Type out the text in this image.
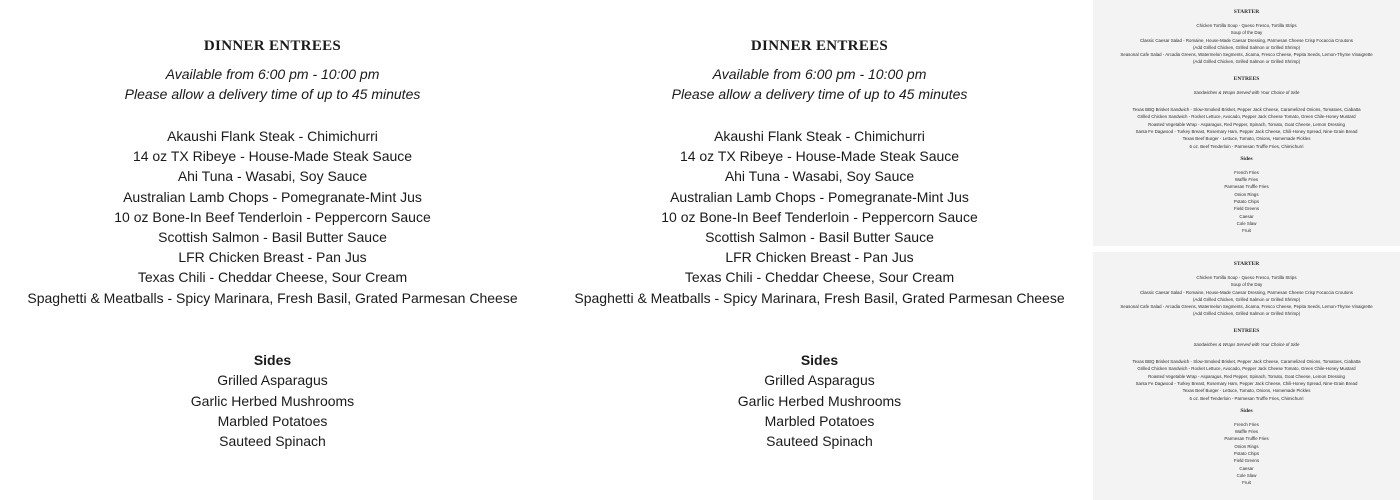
DINNER ENTREES
Available from 6:00 pm - 10:00 pm
Please allow a delivery time of up to 45 minutes
Akaushi Flank Steak - Chimichurri
14 oz TX Ribeye - House-Made Steak Sauce
Ahi Tuna - Wasabi, Soy Sauce
Australian Lamb Chops - Pomegranate-Mint Jus
10 oz Bone-In Beef Tenderloin - Peppercorn Sauce
Scottish Salmon - Basil Butter Sauce
LFR Chicken Breast - Pan Jus
Texas Chili - Cheddar Cheese, Sour Cream
Spaghetti & Meatballs - Spicy Marinara, Fresh Basil, Grated Parmesan Cheese
Sides
Grilled Asparagus
Garlic Herbed Mushrooms
Marbled Potatoes
Sauteed Spinach
DINNER ENTREES
Available from 6:00 pm - 10:00 pm
Please allow a delivery time of up to 45 minutes
Akaushi Flank Steak - Chimichurri
14 oz TX Ribeye - House-Made Steak Sauce
Ahi Tuna - Wasabi, Soy Sauce
Australian Lamb Chops - Pomegranate-Mint Jus
10 oz Bone-In Beef Tenderloin - Peppercorn Sauce
Scottish Salmon - Basil Butter Sauce
LFR Chicken Breast - Pan Jus
Texas Chili - Cheddar Cheese, Sour Cream
Spaghetti & Meatballs - Spicy Marinara, Fresh Basil, Grated Parmesan Cheese
Sides
Grilled Asparagus
Garlic Herbed Mushrooms
Marbled Potatoes
Sauteed Spinach
STARTER
Chicken Tortilla Soup - Queso Fresco, Tortilla Strips
Soup of the Day
Classic Caesar Salad - Romaine, House-Made Caesar Dressing, Parmesan Cheese Crisp Focaccia Croutons
(Add Grilled Chicken, Grilled Salmon or Grilled Shrimp)
Seasonal Cafe Salad - Arcadia Greens, Watermelon Segments, Jicama, Fresco Cheese, Pepita Seeds, Lemon-Thyme Vinaigrette
(Add Grilled Chicken, Grilled Salmon or Grilled Shrimp)
ENTREES
Sandwiches & Wraps Served with Your Choice of Side
Texas BBQ Brisket Sandwich - Slow-Smoked Brisket, Pepper Jack Cheese, Caramelized Onions, Tomatoes, Ciabatta
Grilled Chicken Sandwich - Rocket Lettuce, Avocado, Pepper Jack Cheese Tomato, Green Chile-Honey Mustard
Roasted Vegetable Wrap - Asparagus, Red Pepper, Spinach, Tomato, Goat Cheese, Lemon Dressing
Santa Fe Dagwood - Turkey Breast, Rosemary Ham, Pepper Jack Cheese, Chili-Honey Spread, Nine-Grain Bread
Texas Beef Burger - Lettuce, Tomato, Onions, Homemade Pickles
6 oz. Beef Tenderloin - Parmesan Truffle Fries, Chimichurri
Sides
French Fries
Waffle Fries
Parmesan Truffle Fries
Onion Rings
Potato Chips
Field Greens
Caesar
Cole Slaw
Fruit
STARTER
Chicken Tortilla Soup - Queso Fresco, Tortilla Strips
Soup of the Day
Classic Caesar Salad - Romaine, House-Made Caesar Dressing, Parmesan Cheese Crisp Focaccia Croutons
(Add Grilled Chicken, Grilled Salmon or Grilled Shrimp)
Seasonal Cafe Salad - Arcadia Greens, Watermelon Segments, Jicama, Fresco Cheese, Pepita Seeds, Lemon-Thyme Vinaigrette
(Add Grilled Chicken, Grilled Salmon or Grilled Shrimp)
ENTREES
Sandwiches & Wraps Served with Your Choice of Side
Texas BBQ Brisket Sandwich - Slow-Smoked Brisket, Pepper Jack Cheese, Caramelized Onions, Tomatoes, Ciabatta
Grilled Chicken Sandwich - Rocket Lettuce, Avocado, Pepper Jack Cheese Tomato, Green Chile-Honey Mustard
Roasted Vegetable Wrap - Asparagus, Red Pepper, Spinach, Tomato, Goat Cheese, Lemon Dressing
Santa Fe Dagwood - Turkey Breast, Rosemary Ham, Pepper Jack Cheese, Chili-Honey Spread, Nine-Grain Bread
Texas Beef Burger - Lettuce, Tomato, Onions, Homemade Pickles
6 oz. Beef Tenderloin - Parmesan Truffle Fries, Chimichurri
Sides
French Fries
Waffle Fries
Parmesan Truffle Fries
Onion Rings
Potato Chips
Field Greens
Caesar
Cole Slaw
Fruit
